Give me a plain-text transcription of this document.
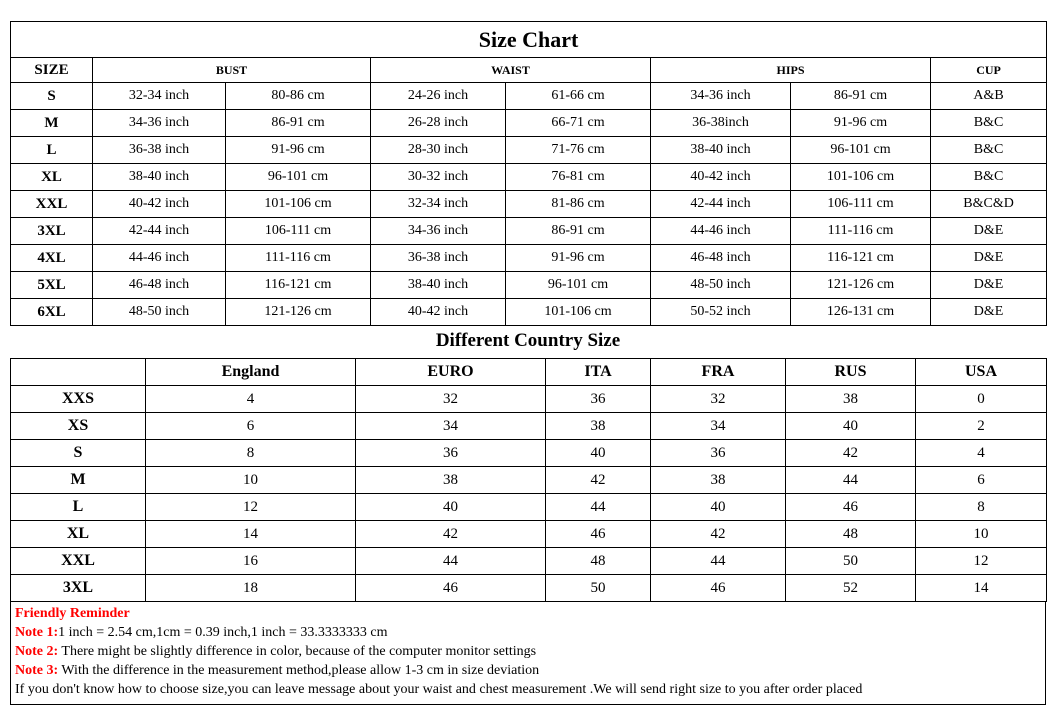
Size Chart							
SIZE	BUST		WAIST		HIPS		CUP
S	32-34 inch	80-86 cm	24-26 inch	61-66 cm	34-36 inch	86-91 cm	A&B
M	34-36 inch	86-91 cm	26-28 inch	66-71 cm	36-38inch	91-96 cm	B&C
L	36-38 inch	91-96 cm	28-30 inch	71-76 cm	38-40 inch	96-101 cm	B&C
XL	38-40 inch	96-101 cm	30-32 inch	76-81 cm	40-42 inch	101-106 cm	B&C
XXL	40-42 inch	101-106 cm	32-34 inch	81-86 cm	42-44 inch	106-111 cm	B&C&D
3XL	42-44 inch	106-111 cm	34-36 inch	86-91 cm	44-46 inch	111-116 cm	D&E
4XL	44-46 inch	111-116 cm	36-38 inch	91-96 cm	46-48 inch	116-121 cm	D&E
5XL	46-48 inch	116-121 cm	38-40 inch	96-101 cm	48-50 inch	121-126 cm	D&E
6XL	48-50 inch	121-126 cm	40-42 inch	101-106 cm	50-52 inch	126-131 cm	D&E
Different Country Size
	England	EURO	ITA	FRA	RUS	USA
XXS	4	32	36	32	38	0
XS	6	34	38	34	40	2
S	8	36	40	36	42	4
M	10	38	42	38	44	6
L	12	40	44	40	46	8
XL	14	42	46	42	48	10
XXL	16	44	48	44	50	12
3XL	18	46	50	46	52	14
Friendly Reminder
Note 1:1 inch = 2.54 cm,1cm = 0.39 inch,1 inch = 33.3333333 cm
Note 2: There might be slightly difference in color, because of the computer monitor settings
Note 3: With the difference in the measurement method,please allow 1-3 cm in size deviation
If you don't know how to choose size,you can leave message about your waist and chest measurement .We will send right size to you after order placed
